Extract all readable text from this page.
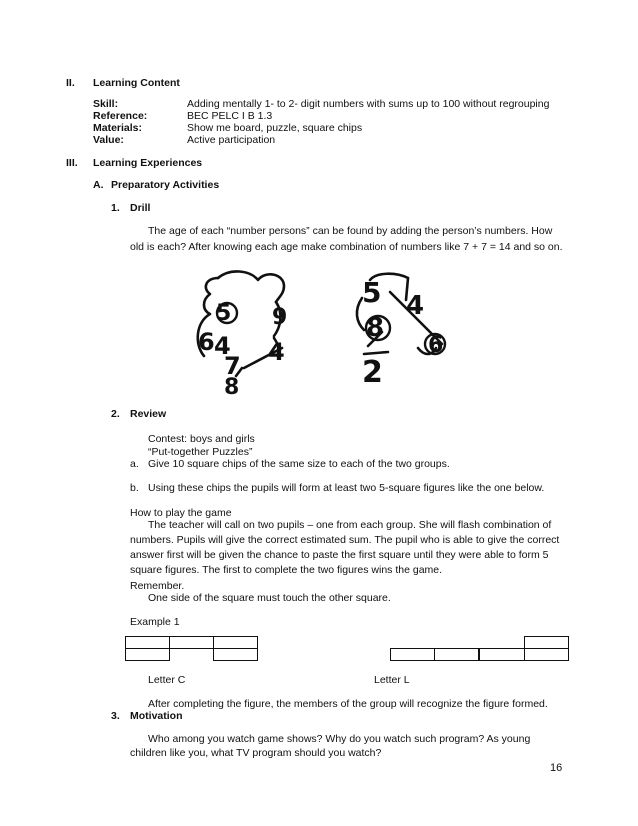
II. Learning Content
Skill:	Adding mentally 1- to 2- digit numbers with sums up to 100 without regrouping
Reference:	BEC PELC I B 1.3
Materials:	Show me board, puzzle, square chips
Value:	Active participation
III. Learning Experiences
A. Preparatory Activities
1. Drill
The age of each “number persons” can be found by adding the person’s numbers. How
old is each? After knowing each age make combination of numbers like 7 + 7 = 14 and so on.
5 9
6 4
7 4
8
5 4
8
6
2
2. Review
Contest: boys and girls
“Put-together Puzzles”
a. Give 10 square chips of the same size to each of the two groups.
b. Using these chips the pupils will form at least two 5-square figures like the one below.
How to play the game
The teacher will call on two pupils – one from each group. She will flash combination of
numbers. Pupils will give the correct estimated sum. The pupil who is able to give the correct
answer first will be given the chance to paste the first square until they were able to form 5
square figures. The first to complete the two figures wins the game.
Remember.
One side of the square must touch the other square.
Example 1
Letter C	Letter L
After completing the figure, the members of the group will recognize the figure formed.
3. Motivation
Who among you watch game shows? Why do you watch such program? As young
children like you, what TV program should you watch?
16
